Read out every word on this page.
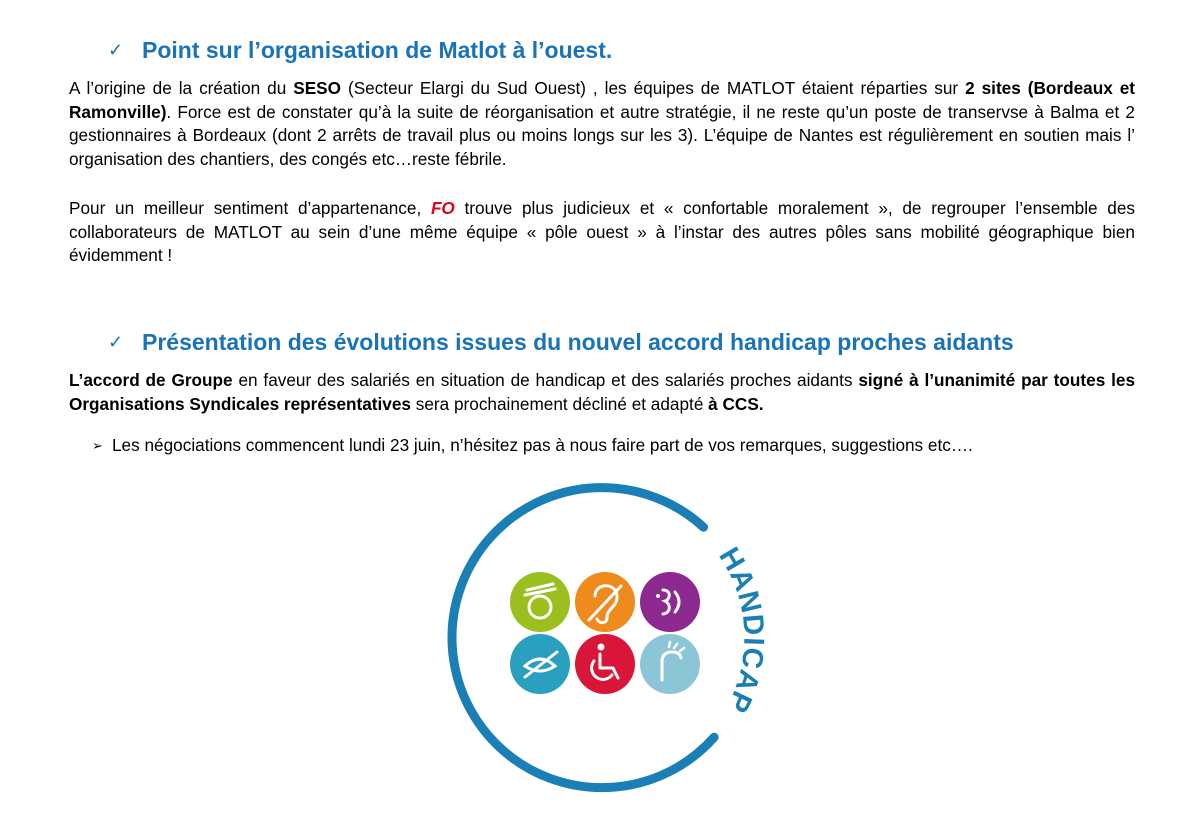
✓ Point sur l’organisation de Matlot à l’ouest.

A l’origine de la création du SESO (Secteur Elargi du Sud Ouest) , les équipes de MATLOT étaient réparties sur 2 sites (Bordeaux et Ramonville). Force est de constater qu’à la suite de réorganisation et autre stratégie, il ne reste qu’un poste de transervse à Balma et 2 gestionnaires à Bordeaux (dont 2 arrêts de travail plus ou moins longs sur les 3). L’équipe de Nantes est régulièrement en soutien mais l’ organisation des chantiers, des congés etc…reste fébrile.

Pour un meilleur sentiment d’appartenance, FO trouve plus judicieux et « confortable moralement », de regrouper l’ensemble des collaborateurs de MATLOT au sein d’une même équipe « pôle ouest » à l’instar des autres pôles sans mobilité géographique bien évidemment !

✓ Présentation des évolutions issues du nouvel accord handicap proches aidants

L’accord de Groupe en faveur des salariés en situation de handicap et des salariés proches aidants signé à l’unanimité par toutes les Organisations Syndicales représentatives sera prochainement décliné et adapté à CCS.

➢ Les négociations commencent lundi 23 juin, n’hésitez pas à nous faire part de vos remarques, suggestions etc….

HANDICAP
